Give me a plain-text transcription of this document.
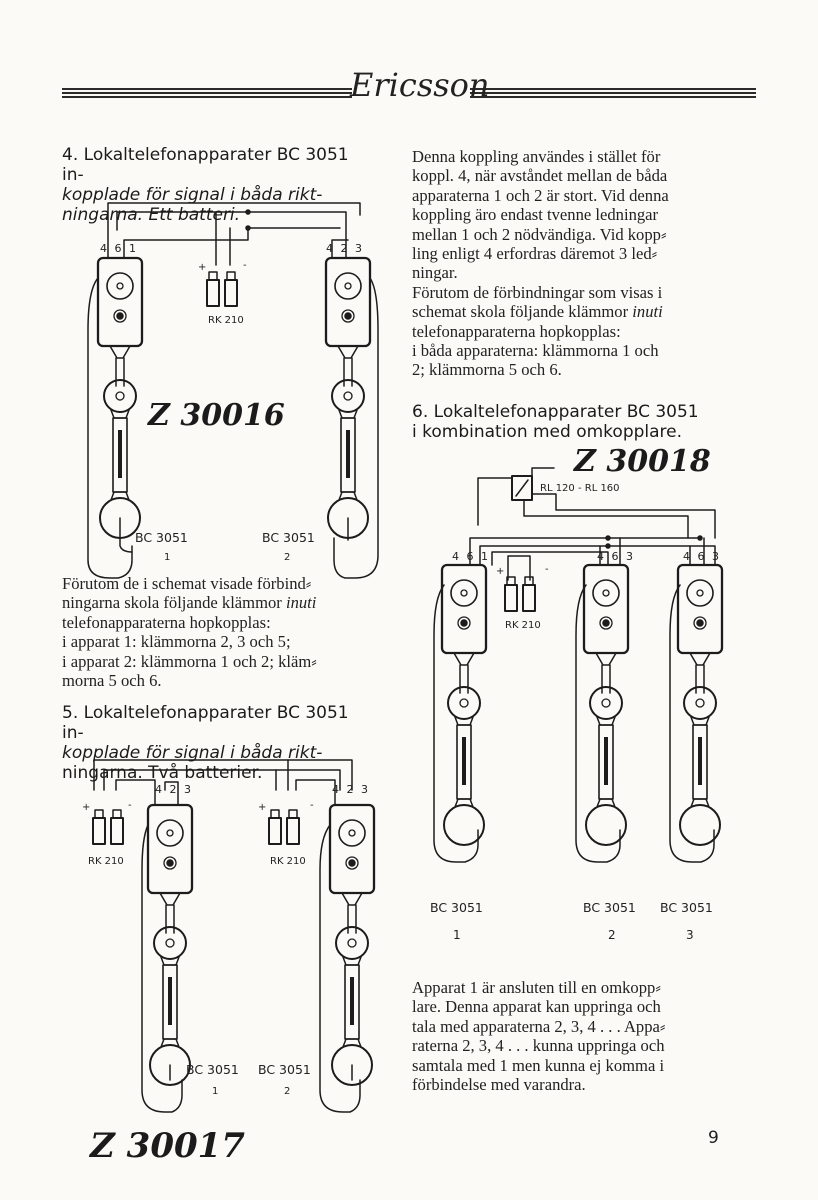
Ericsson
4. Lokaltelefonapparater BC 3051 in-
kopplade för signal i båda rikt-
ningarna. Ett batteri.
4 6 1	4 2 3
+	-
RK 210
Z 30016
BC 3051
1
BC 3051
2

Förutom de i schemat visade förbind⸗

ningarna skola följande klämmor inuti

telefonapparaterna hopkopplas:

i apparat 1: klämmorna 2, 3 och 5;

i apparat 2: klämmorna 1 och 2; kläm⸗

morna 5 och 6.

5. Lokaltelefonapparater BC 3051 in-
kopplade för signal i båda rikt-
ningarna. Två batterier.
4 2 3	4 2 3
+	-
RK 210
+	-
RK 210
BC 3051
1
BC 3051
2
Z 30017

Denna koppling användes i stället för

koppl. 4, när avståndet mellan de båda

apparaterna 1 och 2 är stort. Vid denna

koppling äro endast tvenne ledningar

mellan 1 och 2 nödvändiga. Vid kopp⸗

ling enligt 4 erfordras däremot 3 led⸗

ningar.

Förutom de förbindningar som visas i

schemat skola följande klämmor inuti

telefonapparaterna hopkopplas:

i båda apparaterna: klämmorna 1 och

2; klämmorna 5 och 6.

6. Lokaltelefonapparater BC 3051
i kombination med omkopplare.
Z 30018
RL 120 - RL 160
4 6 1	4 6 3	4 6 3
+	-
RK 210
BC 3051
1
BC 3051
2
BC 3051
3

Apparat 1 är ansluten till en omkopp⸗

lare. Denna apparat kan uppringa och

tala med apparaterna 2, 3, 4 . . . Appa⸗

raterna 2, 3, 4 . . . kunna uppringa och

samtala med 1 men kunna ej komma i

förbindelse med varandra.

9
